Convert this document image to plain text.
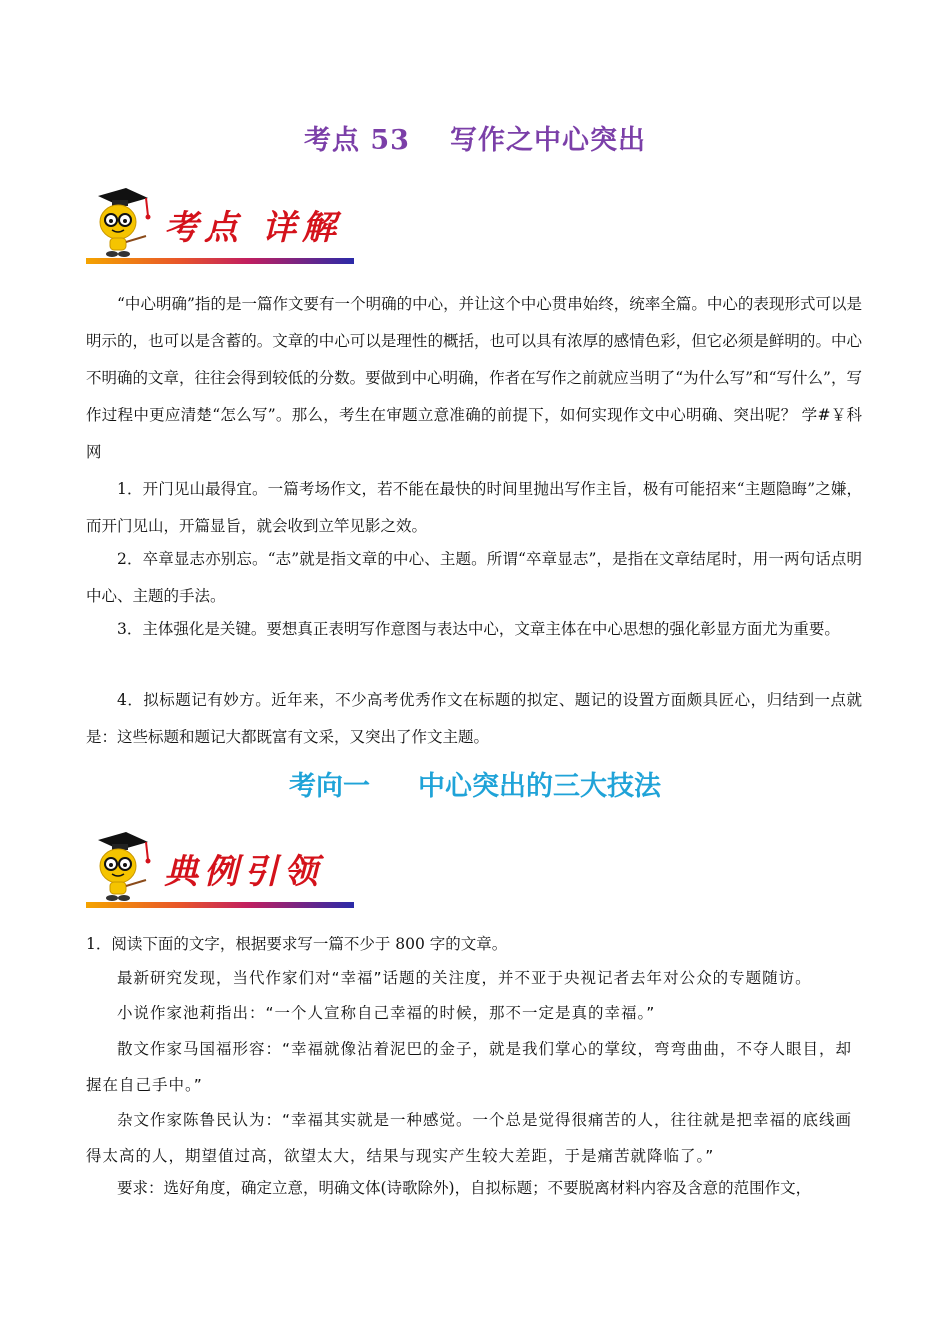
考点 53 写作之中心突出
考点 详解
“中心明确”指的是一篇作文要有一个明确的中心，并让这个中心贯串始终，统率全篇。中心的表现形式可以是明示的，也可以是含蓄的。文章的中心可以是理性的概括，也可以具有浓厚的感情色彩，但它必须是鲜明的。中心不明确的文章，往往会得到较低的分数。要做到中心明确，作者在写作之前就应当明了“为什么写”和“写什么”，写作过程中更应清楚“怎么写”。那么，考生在审题立意准确的前提下，如何实现作文中心明确、突出呢？ 学#￥科网
1．开门见山最得宜。一篇考场作文，若不能在最快的时间里抛出写作主旨，极有可能招来“主题隐晦”之嫌，而开门见山，开篇显旨，就会收到立竿见影之效。
2．卒章显志亦别忘。“志”就是指文章的中心、主题。所谓“卒章显志”，是指在文章结尾时，用一两句话点明中心、主题的手法。
3．主体强化是关键。要想真正表明写作意图与表达中心，文章主体在中心思想的强化彰显方面尤为重要。
4．拟标题记有妙方。近年来，不少高考优秀作文在标题的拟定、题记的设置方面颇具匠心，归结到一点就是：这些标题和题记大都既富有文采，又突出了作文主题。
考向一 中心突出的三大技法
典例引领
1．阅读下面的文字，根据要求写一篇不少于 800 字的文章。
最新研究发现，当代作家们对“幸福”话题的关注度，并不亚于央视记者去年对公众的专题随访。
小说作家池莉指出：“一个人宣称自己幸福的时候，那不一定是真的幸福。”
散文作家马国福形容：“幸福就像沾着泥巴的金子，就是我们掌心的掌纹，弯弯曲曲，不夺人眼目，却握在自己手中。”
杂文作家陈鲁民认为：“幸福其实就是一种感觉。一个总是觉得很痛苦的人，往往就是把幸福的底线画得太高的人，期望值过高，欲望太大，结果与现实产生较大差距，于是痛苦就降临了。”
要求：选好角度，确定立意，明确文体(诗歌除外)，自拟标题；不要脱离材料内容及含意的范围作文，
